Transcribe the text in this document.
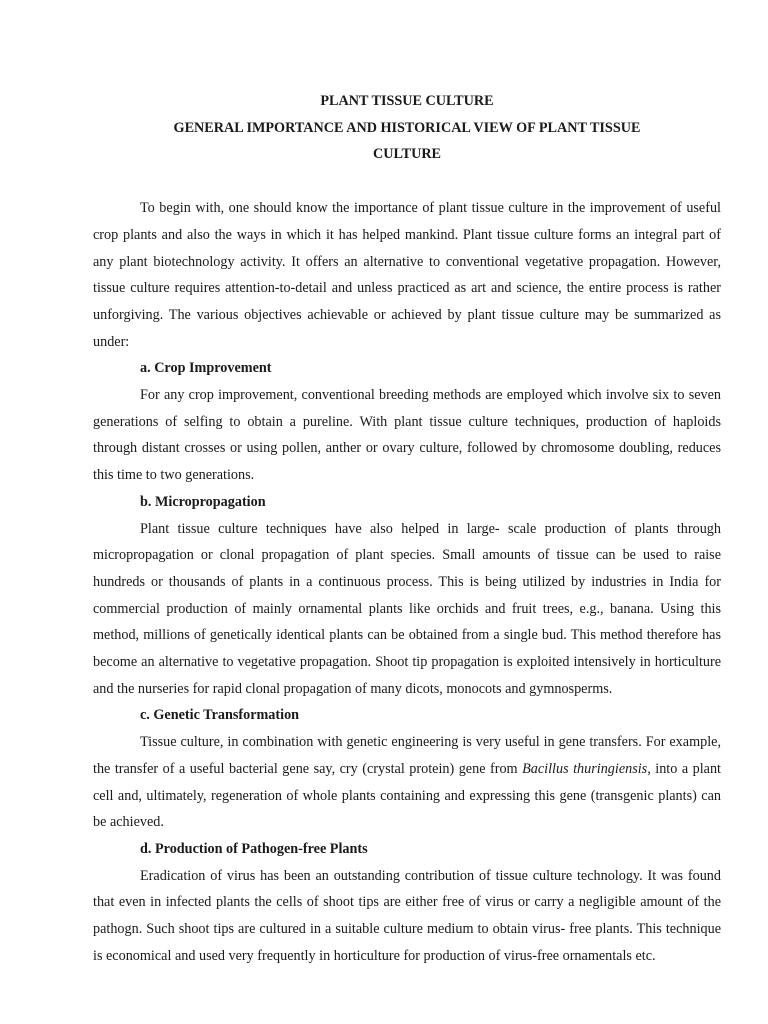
PLANT TISSUE CULTURE
GENERAL IMPORTANCE AND HISTORICAL VIEW OF PLANT TISSUE
CULTURE

To begin with, one should know the importance of plant tissue culture in the improvement of useful crop plants and also the ways in which it has helped mankind. Plant tissue culture forms an integral part of any plant biotechnology activity. It offers an alternative to conventional vegetative propagation. However, tissue culture requires attention-to-detail and unless practiced as art and science, the entire process is rather unforgiving. The various objectives achievable or achieved by plant tissue culture may be summarized as under:

a. Crop Improvement

For any crop improvement, conventional breeding methods are employed which involve six to seven generations of selfing to obtain a pureline. With plant tissue culture techniques, production of haploids through distant crosses or using pollen, anther or ovary culture, followed by chromosome doubling, reduces this time to two generations.

b. Micropropagation

Plant tissue culture techniques have also helped in large- scale production of plants through micropropagation or clonal propagation of plant species. Small amounts of tissue can be used to raise hundreds or thousands of plants in a continuous process. This is being utilized by industries in India for commercial production of mainly ornamental plants like orchids and fruit trees, e.g., banana. Using this method, millions of genetically identical plants can be obtained from a single bud. This method therefore has become an alternative to vegetative propagation. Shoot tip propagation is exploited intensively in horticulture and the nurseries for rapid clonal propagation of many dicots, monocots and gymnosperms.

c. Genetic Transformation

Tissue culture, in combination with genetic engineering is very useful in gene transfers. For example, the transfer of a useful bacterial gene say, cry (crystal protein) gene from Bacillus thuringiensis, into a plant cell and, ultimately, regeneration of whole plants containing and expressing this gene (transgenic plants) can be achieved.

d. Production of Pathogen-free Plants

Eradication of virus has been an outstanding contribution of tissue culture technology. It was found that even in infected plants the cells of shoot tips are either free of virus or carry a negligible amount of the pathogn. Such shoot tips are cultured in a suitable culture medium to obtain virus- free plants. This technique is economical and used very frequently in horticulture for production of virus-free ornamentals etc.
